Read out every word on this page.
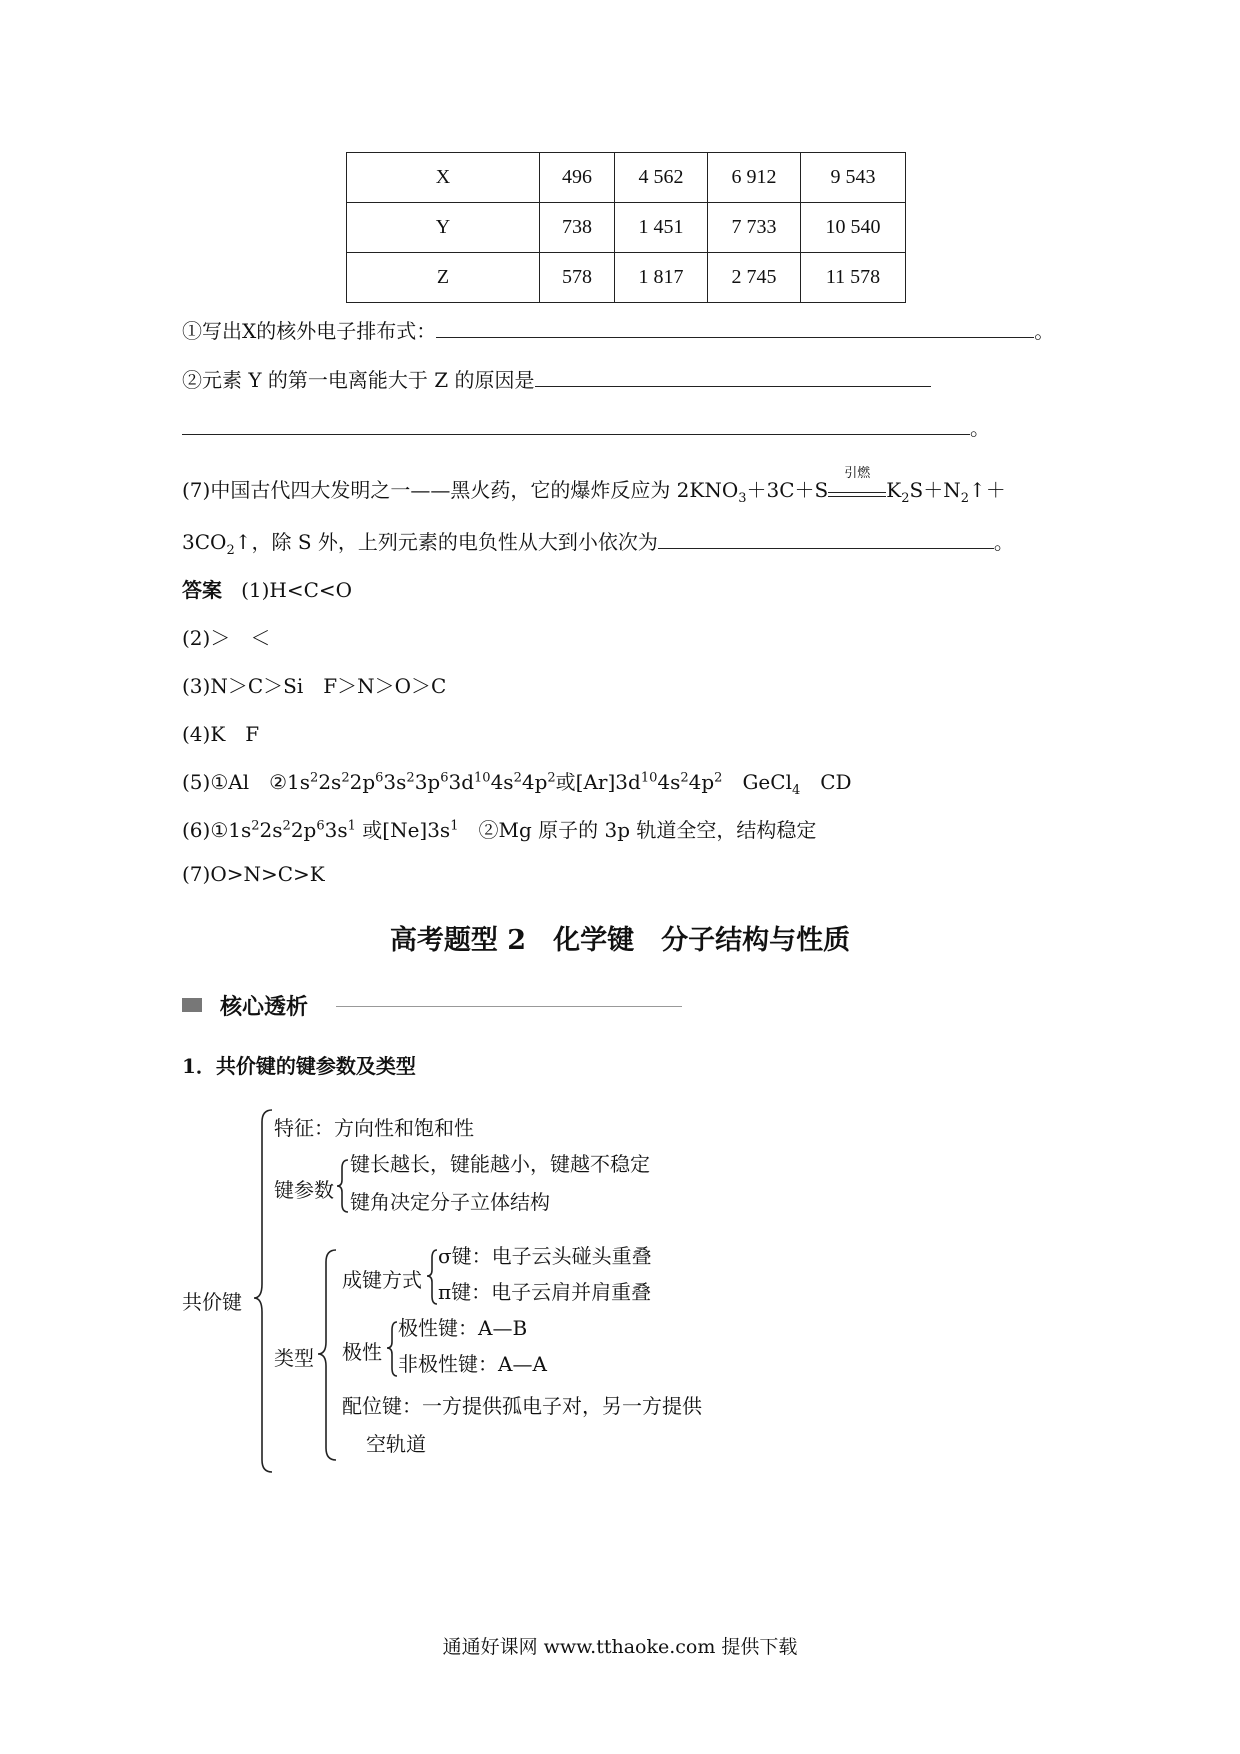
X	496	4 562	6 912	9 543
Y	738	1 451	7 733	10 540
Z	578	1 817	2 745	11 578
①写出X的核外电子排布式：	。
②元素 Y 的第一电离能大于 Z 的原因是
。
(7)中国古代四大发明之一——黑火药，它的爆炸反应为 $2KNO_3+3C+S$
引燃
$K_2S+N_2↑+$
$3CO_2↑$，除 S 外，上列元素的电负性从大到小依次为	。
答案 (1)H<C<O
(2)＞　＜
(3)N＞C＞Si　F＞N＞O＞C
(4)K　F
(5)①Al　$②1s^22s^22p^63s^23p^63d^{10}4s^24p^2$或$[Ar]3d^{10}4s^24p^2$　GeCl$_4$　CD
$(6)①1s^22s^22p^63s^1$ 或$[Ne]3s^1$　②Mg 原子的 3p 轨道全空，结构稳定
(7)O>N>C>K
高考题型 2　化学键　分子结构与性质
核心透析
1．共价键的键参数及类型
共价键
特征：方向性和饱和性
键参数
键长越长，键能越小，键越不稳定
键角决定分子立体结构
类型
成键方式
σ键：电子云头碰头重叠
π键：电子云肩并肩重叠
极性
极性键：A—B
非极性键：A—A
配位键：一方提供孤电子对，另一方提供
空轨道
通通好课网 www.tthaoke.com 提供下载
